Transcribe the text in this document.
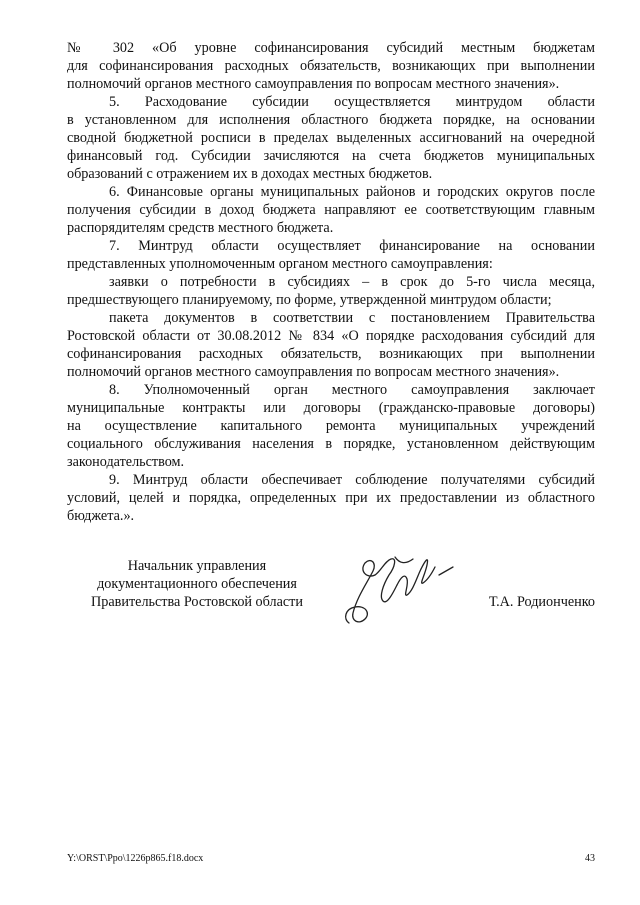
№ 302 «Об уровне софинансирования субсидий местным бюджетам
для софинансирования расходных обязательств, возникающих при выполнении
полномочий органов местного самоуправления по вопросам местного значения».
5. Расходование субсидии осуществляется минтрудом области
в установленном для исполнения областного бюджета порядке, на основании
сводной бюджетной росписи в пределах выделенных ассигнований на очередной
финансовый год. Субсидии зачисляются на счета бюджетов муниципальных
образований с отражением их в доходах местных бюджетов.
6. Финансовые органы муниципальных районов и городских округов после
получения субсидии в доход бюджета направляют ее соответствующим главным
распорядителям средств местного бюджета.
7. Минтруд области осуществляет финансирование на основании
представленных уполномоченным органом местного самоуправления:
заявки о потребности в субсидиях – в срок до 5-го числа месяца,
предшествующего планируемому, по форме, утвержденной минтрудом области;
пакета документов в соответствии с постановлением Правительства
Ростовской области от 30.08.2012 № 834 «О порядке расходования субсидий для
софинансирования расходных обязательств, возникающих при выполнении
полномочий органов местного самоуправления по вопросам местного значения».
8. Уполномоченный орган местного самоуправления заключает
муниципальные контракты или договоры (гражданско-правовые договоры)
на осуществление капитального ремонта муниципальных учреждений
социального обслуживания населения в порядке, установленном действующим
законодательством.
9. Минтруд области обеспечивает соблюдение получателями субсидий
условий, целей и порядка, определенных при их предоставлении из областного
бюджета.».
Начальник управления
документационного обеспечения
Правительства Ростовской области	Т.А. Родионченко
Y:\ORST\Ppo\1226p865.f18.docx	43
